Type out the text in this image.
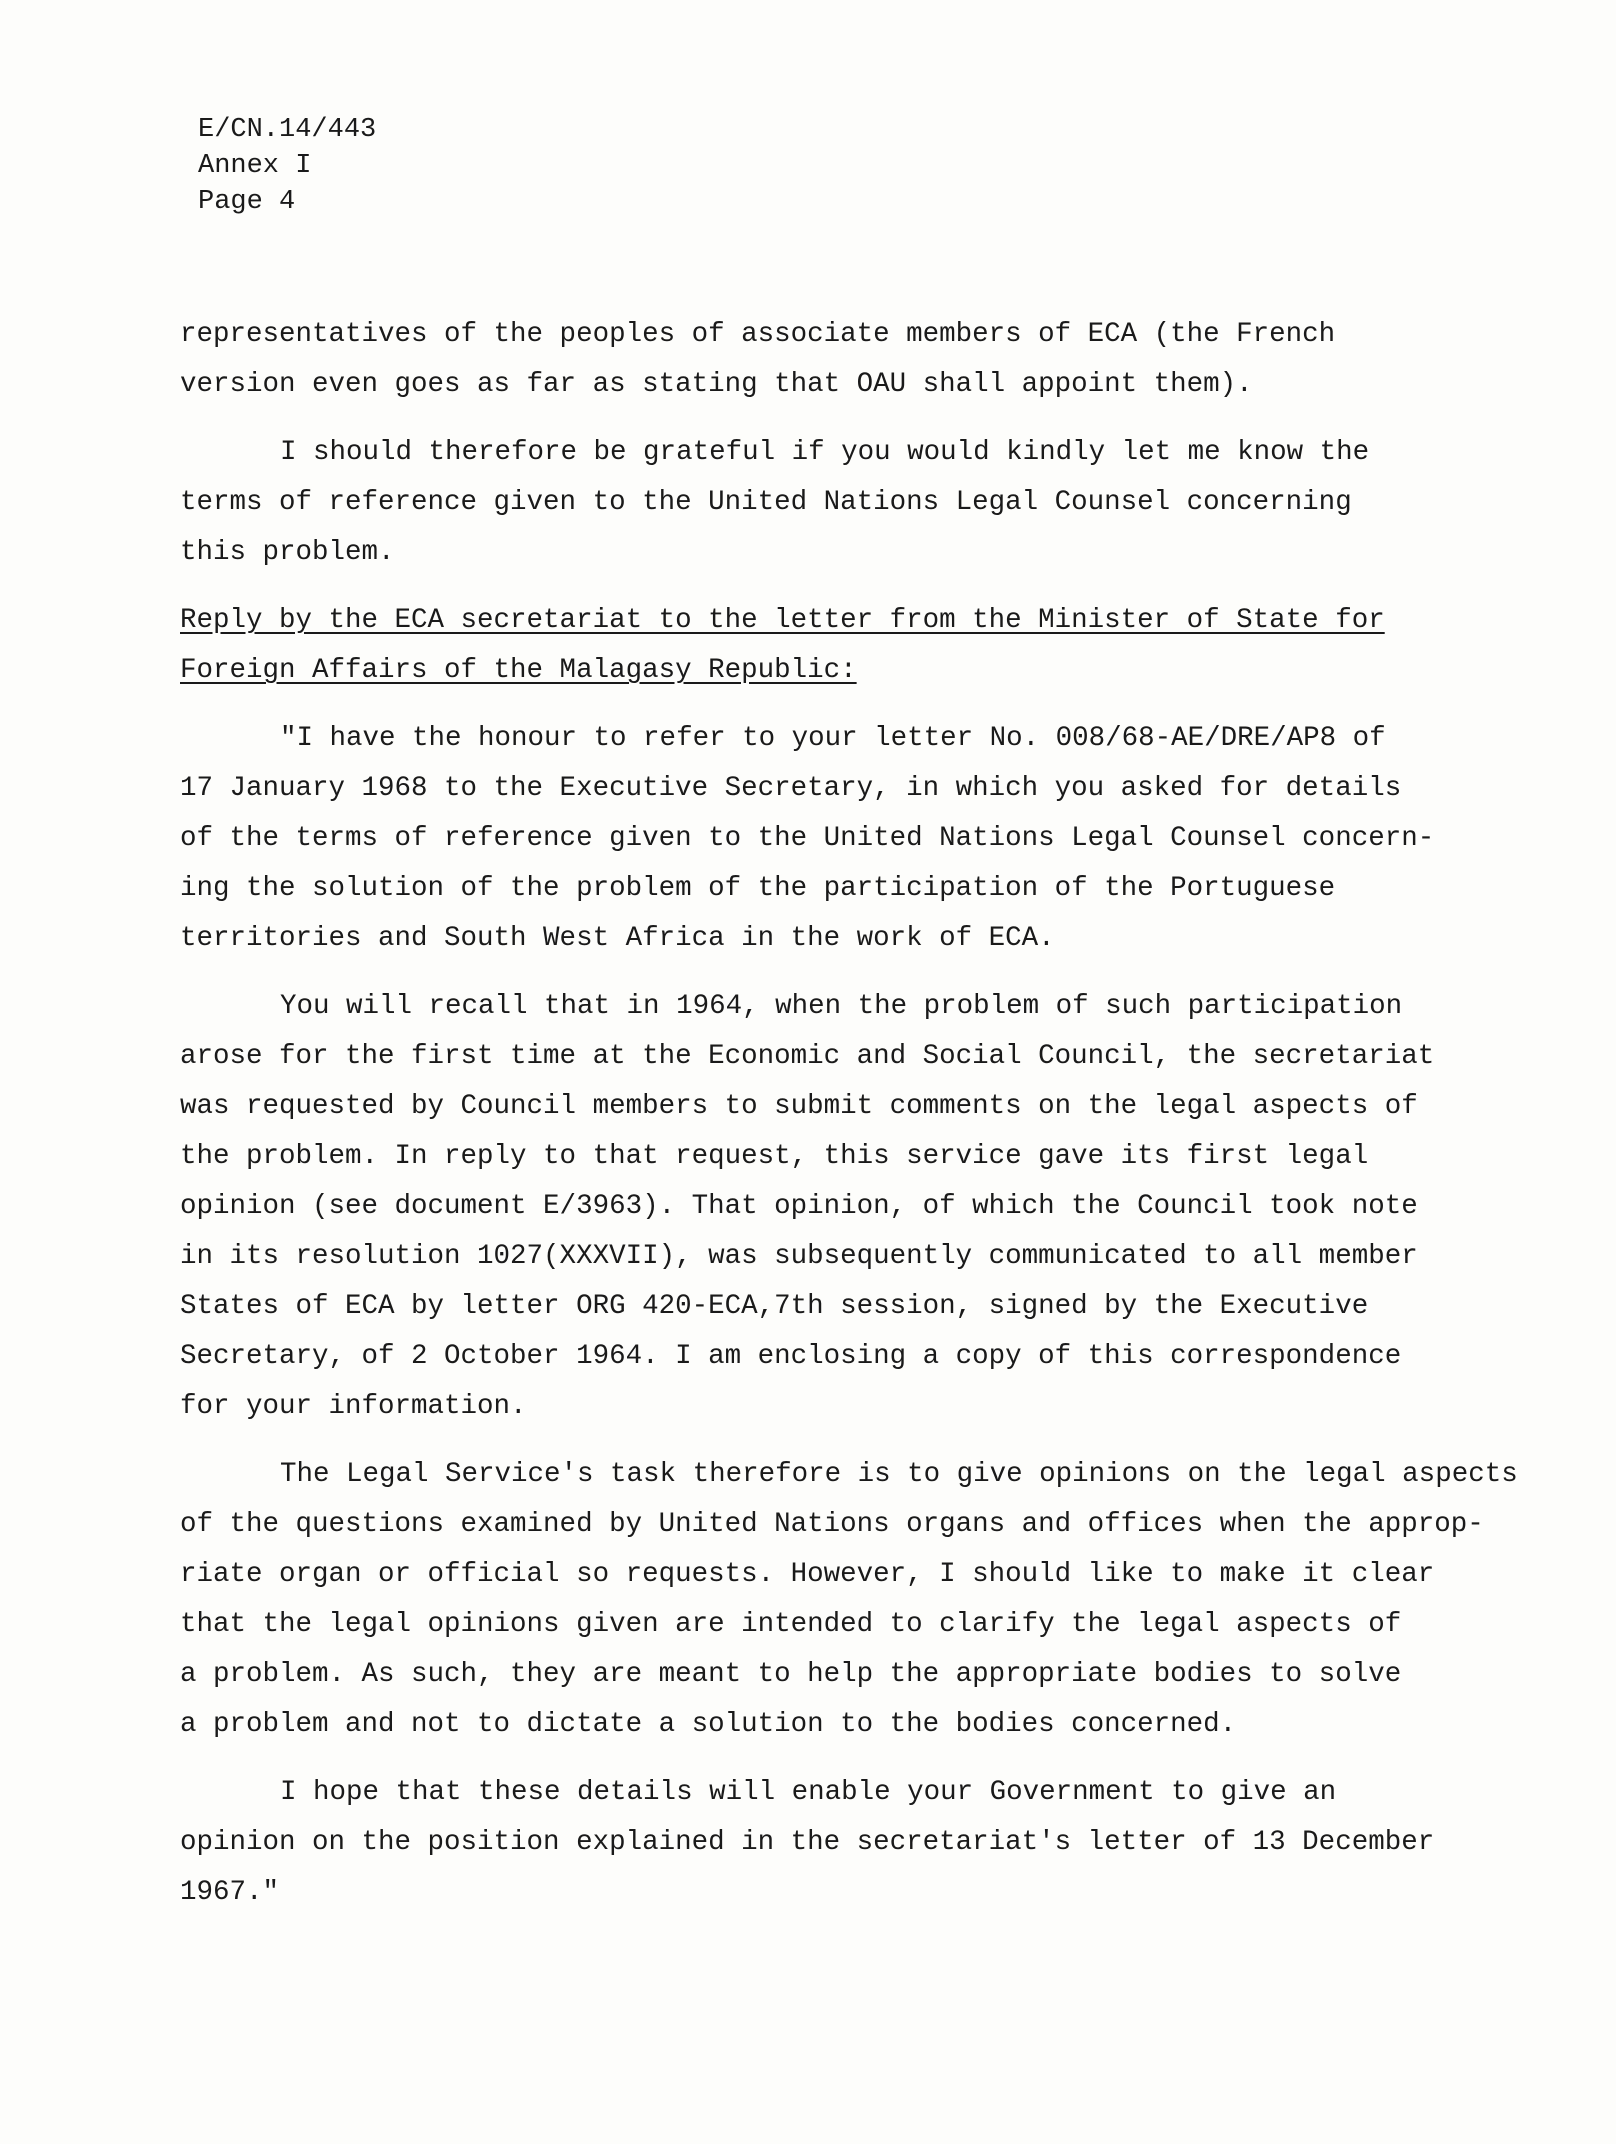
E/CN.14/443
Annex I
Page 4
representatives of the peoples of associate members of ECA (the French
version even goes as far as stating that OAU shall appoint them).
I should therefore be grateful if you would kindly let me know the
terms of reference given to the United Nations Legal Counsel concerning
this problem.
Reply by the ECA secretariat to the letter from the Minister of State for
Foreign Affairs of the Malagasy Republic:
"I have the honour to refer to your letter No. 008/68-AE/DRE/AP8 of
17 January 1968 to the Executive Secretary, in which you asked for details
of the terms of reference given to the United Nations Legal Counsel concern-
ing the solution of the problem of the participation of the Portuguese
territories and South West Africa in the work of ECA.
You will recall that in 1964, when the problem of such participation
arose for the first time at the Economic and Social Council, the secretariat
was requested by Council members to submit comments on the legal aspects of
the problem. In reply to that request, this service gave its first legal
opinion (see document E/3963). That opinion, of which the Council took note
in its resolution 1027(XXXVII), was subsequently communicated to all member
States of ECA by letter ORG 420-ECA,7th session, signed by the Executive
Secretary, of 2 October 1964. I am enclosing a copy of this correspondence
for your information.
The Legal Service's task therefore is to give opinions on the legal aspects
of the questions examined by United Nations organs and offices when the approp-
riate organ or official so requests. However, I should like to make it clear
that the legal opinions given are intended to clarify the legal aspects of
a problem. As such, they are meant to help the appropriate bodies to solve
a problem and not to dictate a solution to the bodies concerned.
I hope that these details will enable your Government to give an
opinion on the position explained in the secretariat's letter of 13 December
1967."
